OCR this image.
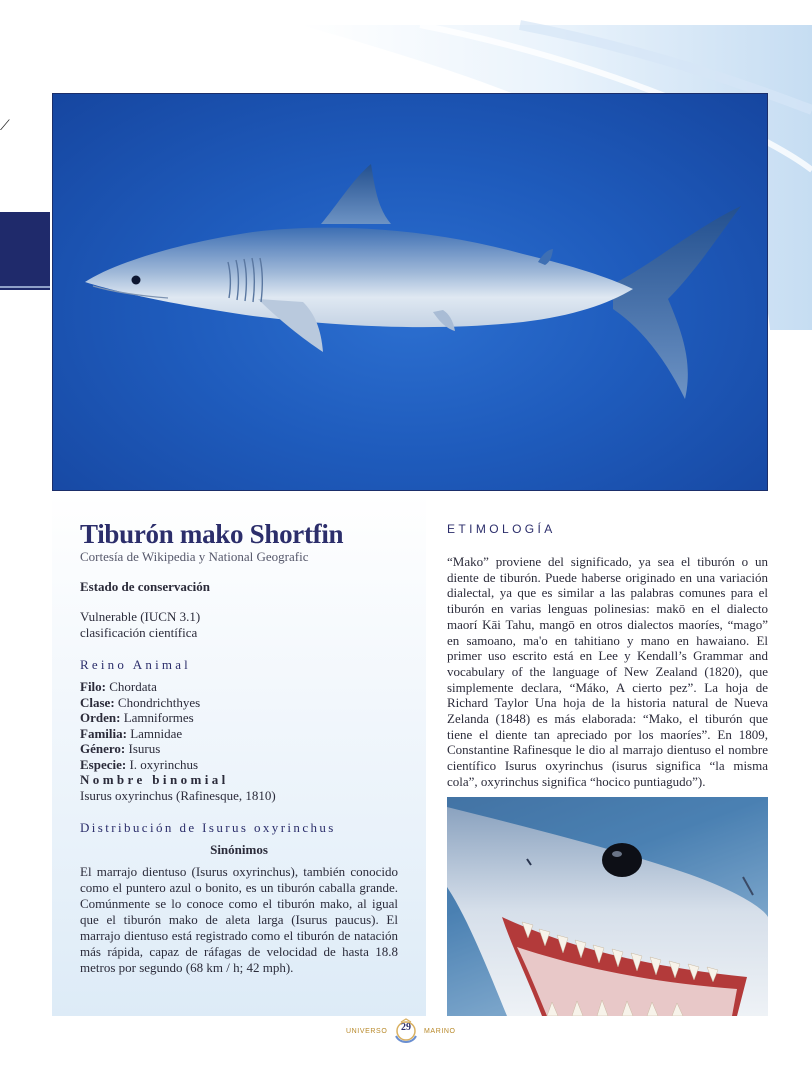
⟋
Tiburón mako Shortfin
Cortesía de Wikipedia y National Geografic
Estado de conservación
Vulnerable (IUCN 3.1)
clasificación científica
Reino Animal
Filo: Chordata
Clase: Chondrichthyes
Orden: Lamniformes
Familia: Lamnidae
Género: Isurus
Especie: I. oxyrinchus
Nombre binomial
Isurus oxyrinchus (Rafinesque, 1810)
Distribución de Isurus oxyrinchus
Sinónimos
El marrajo dientuso (Isurus oxyrinchus), también conocido como el puntero azul o bonito, es un tiburón caballa grande. Comúnmente se lo conoce como el tiburón mako, al igual que el tiburón mako de aleta larga (Isurus paucus). El marrajo dientuso está registrado como el tiburón de natación más rápida, capaz de ráfagas de velocidad de hasta 18.8 metros por segundo (68 km / h; 42 mph).
ETIMOLOGÍA
“Mako” proviene del significado, ya sea el tiburón o un diente de tiburón. Puede haberse originado en una variación dialectal, ya que es similar a las palabras comunes para el tiburón en varias lenguas polinesias: makō en el dialecto maorí Kāi Tahu, mangō en otros dialectos maoríes, “mago” en samoano, ma'o en tahitiano y mano en hawaiano. El primer uso escrito está en Lee y Kendall’s Grammar and vocabulary of the language of New Zealand (1820), que simplemente declara, “Máko, A cierto pez”. La hoja de Richard Taylor Una hoja de la historia natural de Nueva Zelanda (1848) es más elaborada: “Mako, el tiburón que tiene el diente tan apreciado por los maoríes”. En 1809, Constantine Rafinesque le dio al marrajo dientuso el nombre científico Isurus oxyrinchus (isurus significa “la misma cola”, oxyrinchus significa “hocico puntiagudo”).
UNIVERSO	29	MARINO
